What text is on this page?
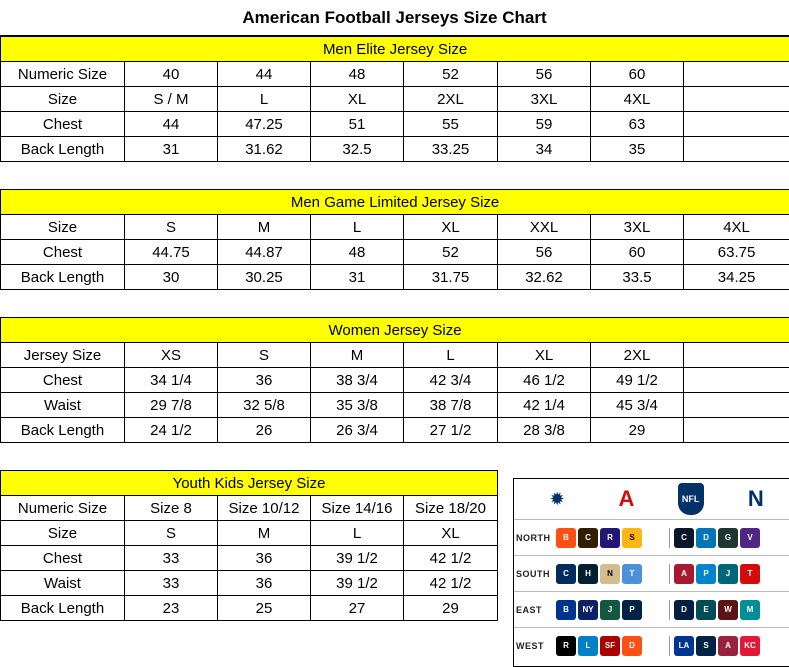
American Football Jerseys Size Chart
Men Elite Jersey Size							
Numeric Size	40	44	48	52	56	60	
Size	S / M	L	XL	2XL	3XL	4XL	
Chest	44	47.25	51	55	59	63	
Back Length	31	31.62	32.5	33.25	34	35	

Men Game Limited Jersey Size							
Size	S	M	L	XL	XXL	3XL	4XL
Chest	44.75	44.87	48	52	56	60	63.75
Back Length	30	30.25	31	31.75	32.62	33.5	34.25

Women Jersey Size							
Jersey Size	XS	S	M	L	XL	2XL	
Chest	34 1/4	36	38 3/4	42 3/4	46 1/2	49 1/2	
Waist	29 7/8	32 5/8	35 3/8	38 7/8	42 1/4	45 3/4	
Back Length	24 1/2	26	26 3/4	27 1/2	28 3/8	29	

Youth Kids Jersey Size							
Numeric Size	Size 8	Size 10/12	Size 14/16	Size 18/20			
Size	S	M	L	XL			
Chest	33	36	39 1/2	42 1/2			
Waist	33	36	39 1/2	42 1/2			
Back Length	23	25	27	29			
✹	A	NFL N
NORTH	B	C	R	S	C	D	G	V
SOUTH	C	H	N	T	A	P	J	T
EAST	B	NY	J	P	D	E	W	M
WEST	R	L	SF	D	LA	S	A	KC
